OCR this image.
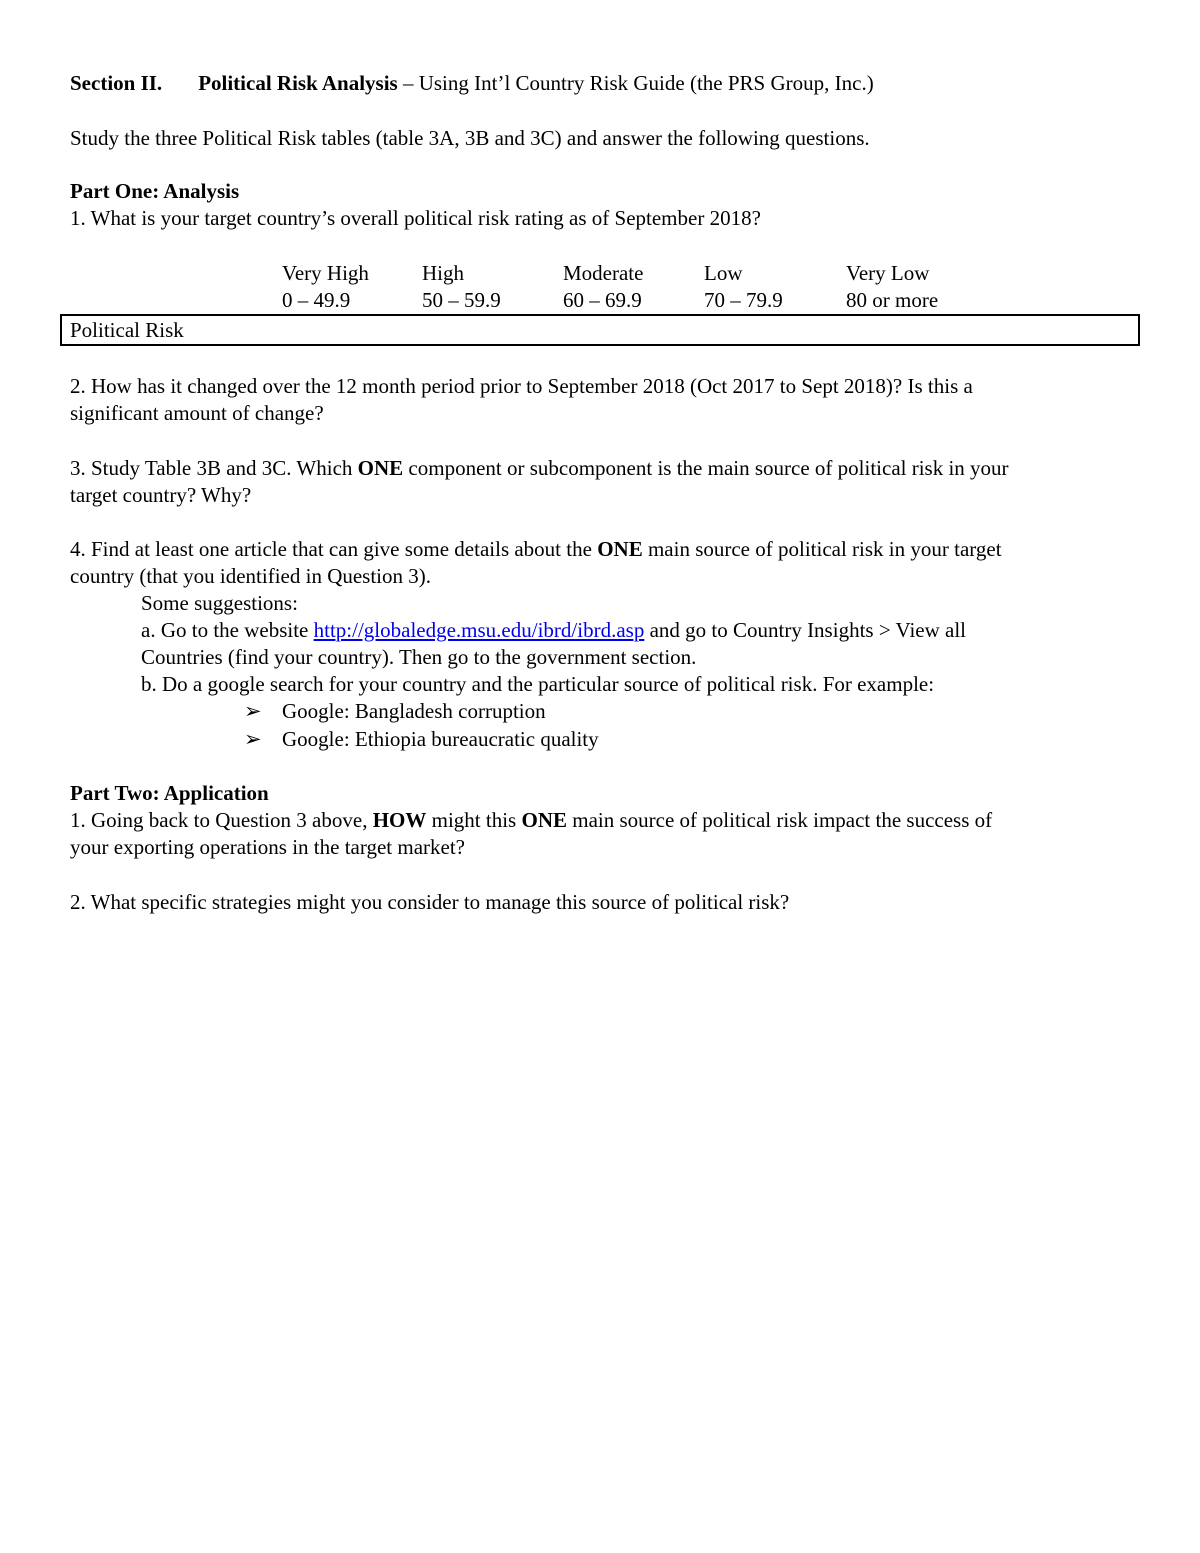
Section II. Political Risk Analysis – Using Int’l Country Risk Guide (the PRS Group, Inc.)
Study the three Political Risk tables (table 3A, 3B and 3C) and answer the following questions.
Part One: Analysis
1. What is your target country’s overall political risk rating as of September 2018?
Very High	High	Moderate	Low	Very Low
0 – 49.9	50 – 59.9	60 – 69.9	70 – 79.9	80 or more
Political Risk
2. How has it changed over the 12 month period prior to September 2018 (Oct 2017 to Sept 2018)? Is this a
significant amount of change?
3. Study Table 3B and 3C. Which ONE component or subcomponent is the main source of political risk in your
target country? Why?
4. Find at least one article that can give some details about the ONE main source of political risk in your target
country (that you identified in Question 3).
Some suggestions:
a. Go to the website http://globaledge.msu.edu/ibrd/ibrd.asp and go to Country Insights > View all
Countries (find your country). Then go to the government section.
b. Do a google search for your country and the particular source of political risk. For example:
➢ Google: Bangladesh corruption
➢ Google: Ethiopia bureaucratic quality
Part Two: Application
1. Going back to Question 3 above, HOW might this ONE main source of political risk impact the success of
your exporting operations in the target market?
2. What specific strategies might you consider to manage this source of political risk?
